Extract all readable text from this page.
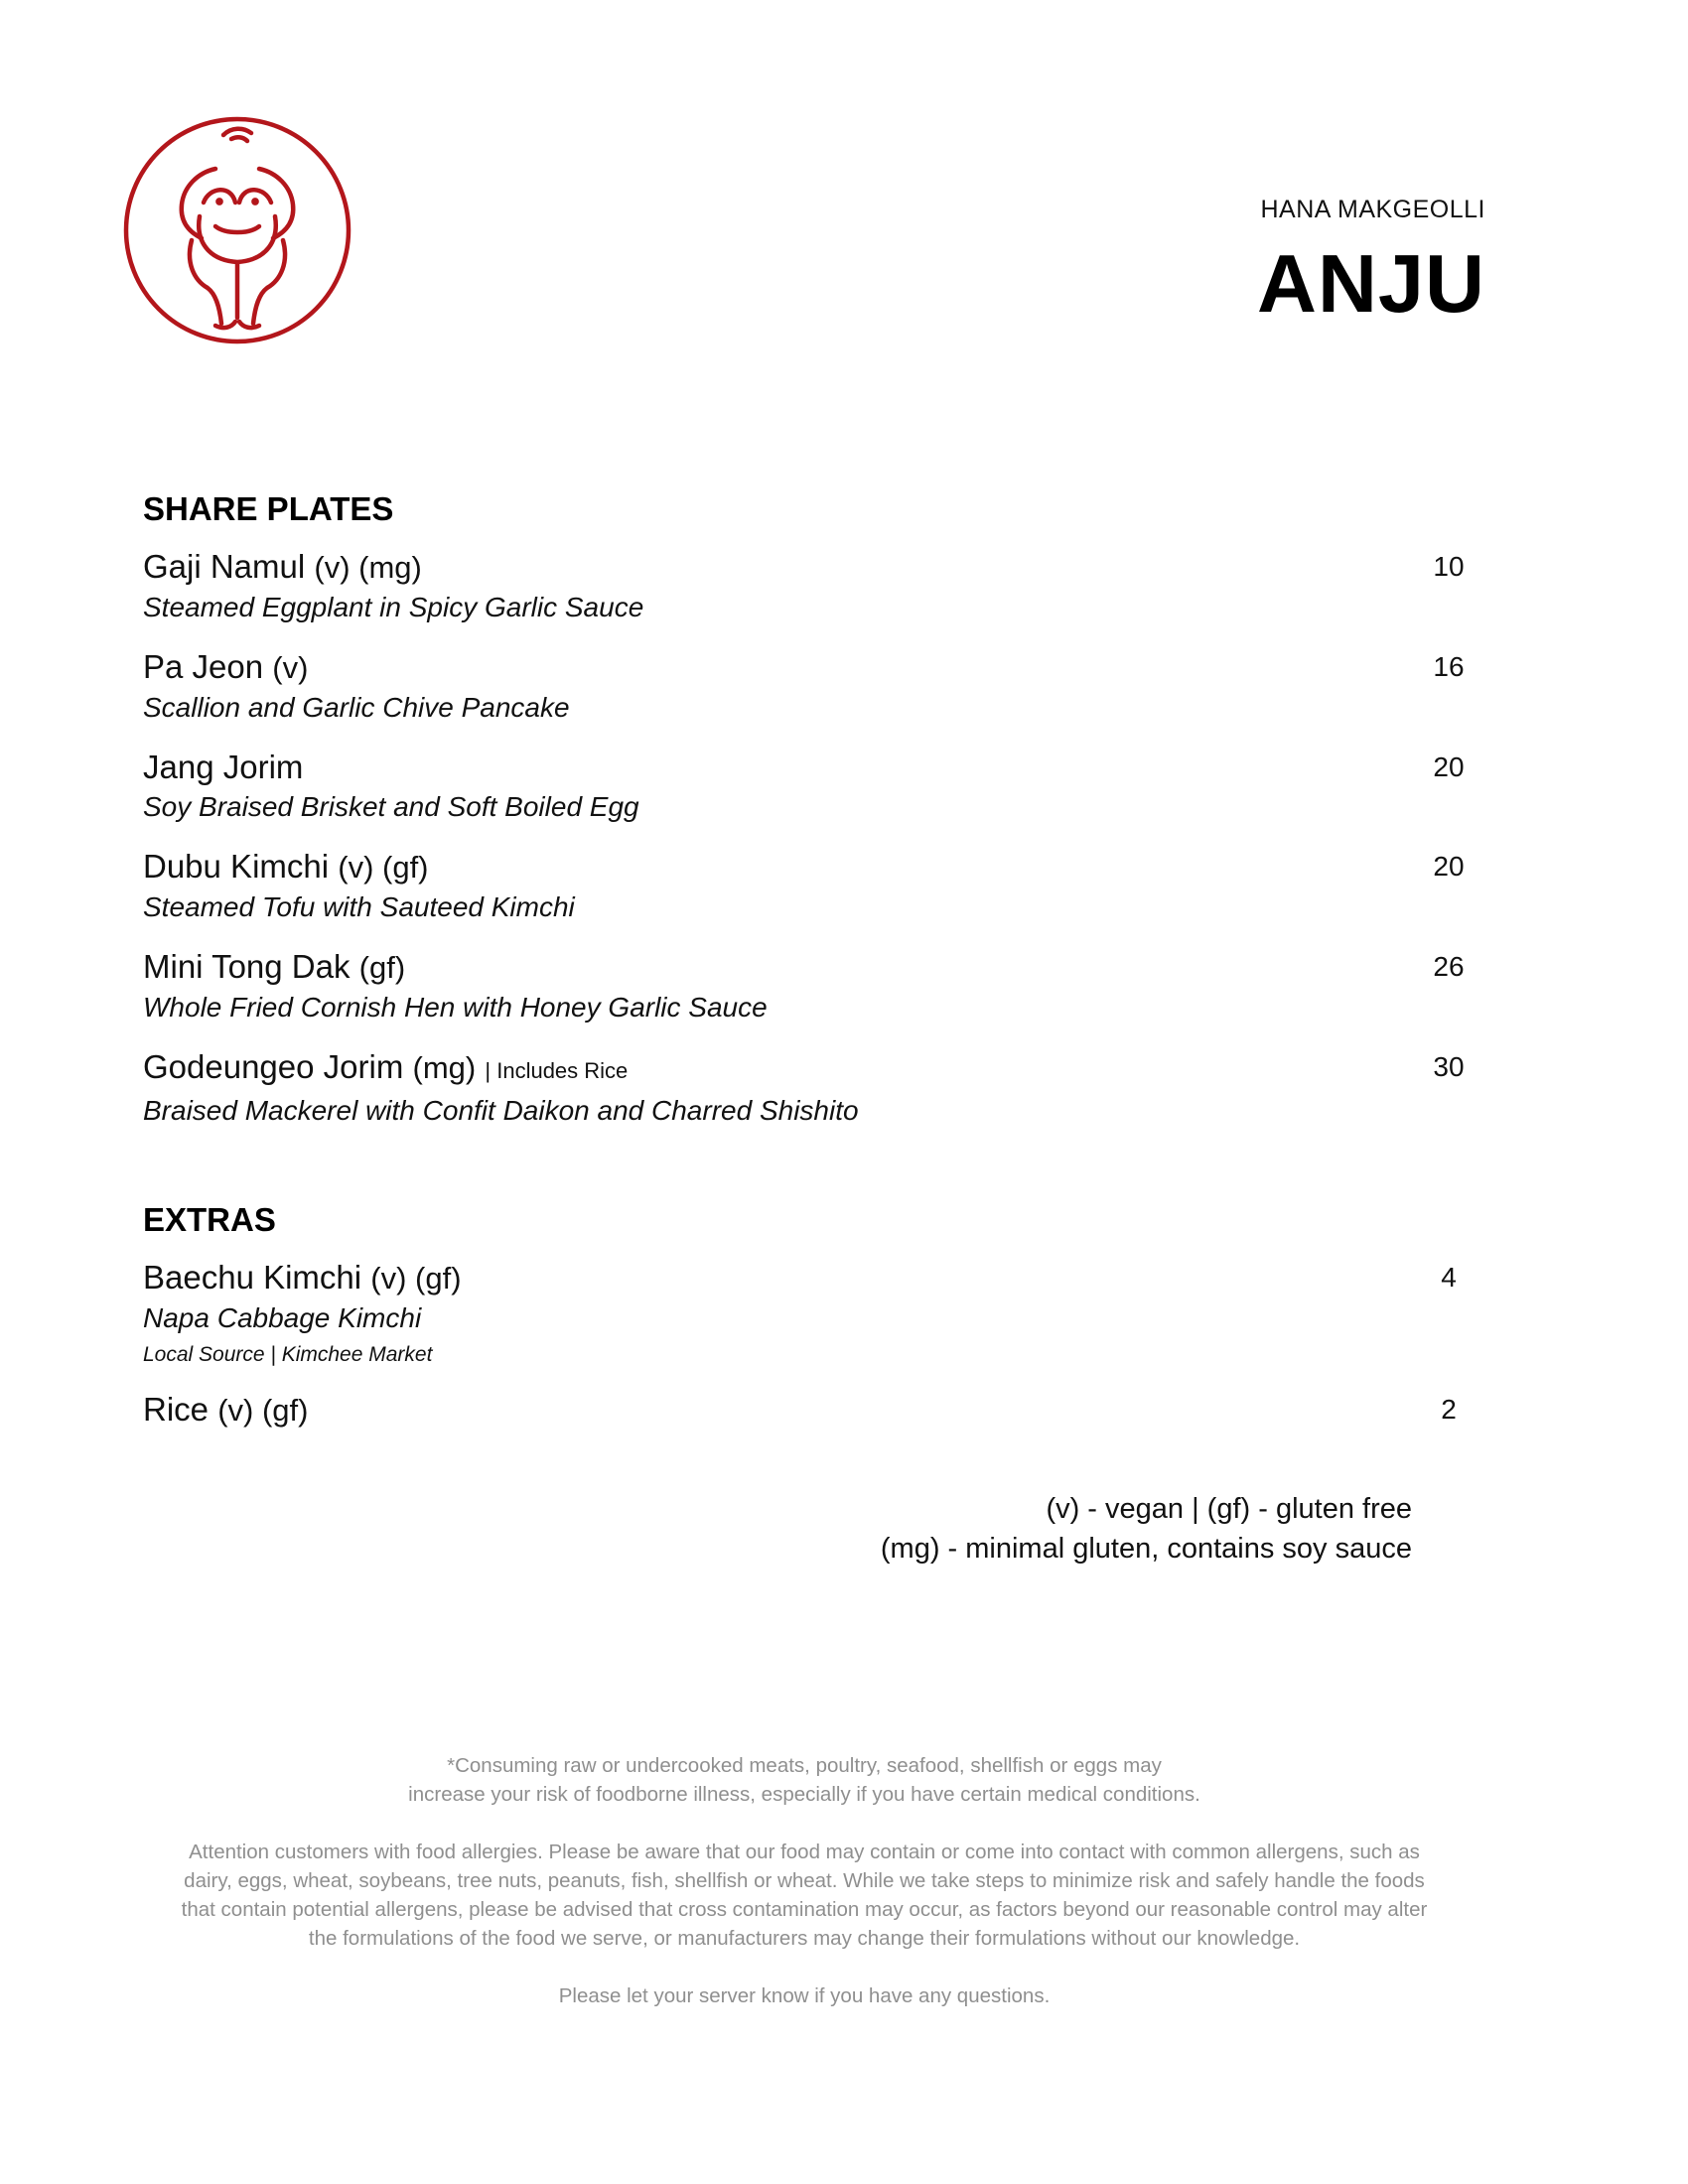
HANA MAKGEOLLI
ANJU
SHARE PLATES
Gaji Namul (v) (mg)
Steamed Eggplant in Spicy Garlic Sauce
10
Pa Jeon (v)
Scallion and Garlic Chive Pancake
16
Jang Jorim
Soy Braised Brisket and Soft Boiled Egg
20
Dubu Kimchi (v) (gf)
Steamed Tofu with Sauteed Kimchi
20
Mini Tong Dak (gf)
Whole Fried Cornish Hen with Honey Garlic Sauce
26
Godeungeo Jorim (mg) | Includes Rice
Braised Mackerel with Confit Daikon and Charred Shishito
30
EXTRAS
Baechu Kimchi (v) (gf)
Napa Cabbage Kimchi
Local Source | Kimchee Market
4
Rice (v) (gf)	2
(v) - vegan | (gf) - gluten free
(mg) - minimal gluten, contains soy sauce

*Consuming raw or undercooked meats, poultry, seafood, shellfish or eggs may
increase your risk of foodborne illness, especially if you have certain medical conditions.

Attention customers with food allergies. Please be aware that our food may contain or come into contact with common allergens, such as
dairy, eggs, wheat, soybeans, tree nuts, peanuts, fish, shellfish or wheat. While we take steps to minimize risk and safely handle the foods
that contain potential allergens, please be advised that cross contamination may occur, as factors beyond our reasonable control may alter
the formulations of the food we serve, or manufacturers may change their formulations without our knowledge.

Please let your server know if you have any questions.
